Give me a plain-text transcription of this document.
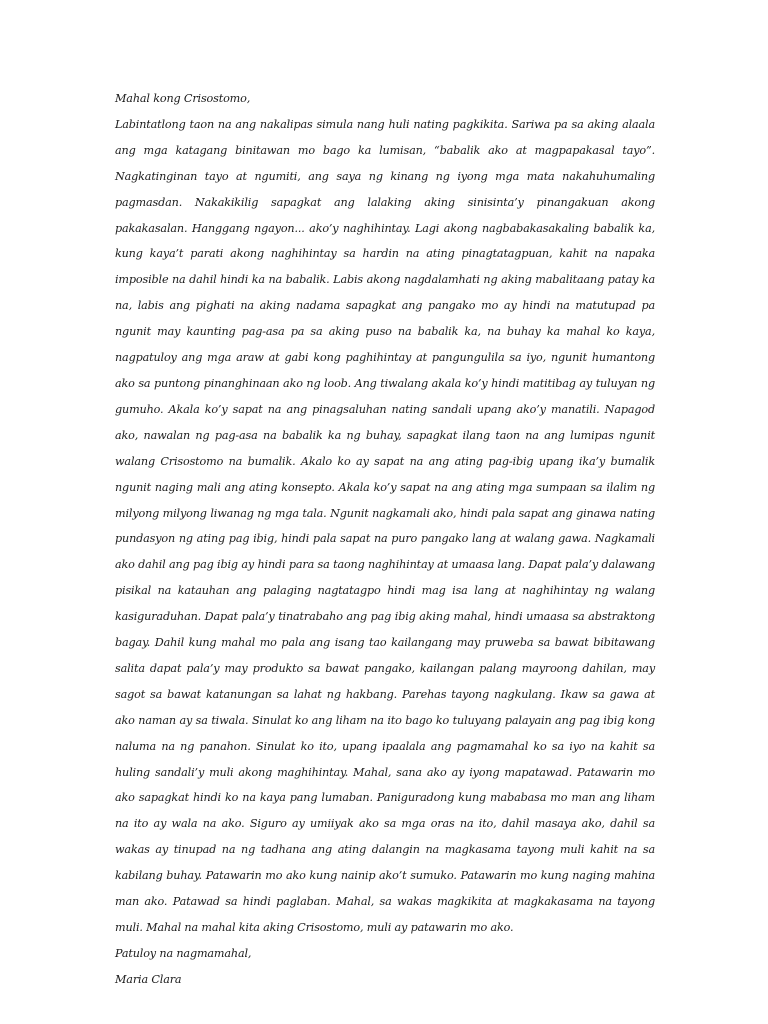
Mahal kong Crisostomo,

Labintatlong taon na ang nakalipas simula nang huli nating pagkikita. Sariwa pa sa aking alaala ang mga katagang binitawan mo bago ka lumisan, “babalik ako at magpapakasal tayo”. Nagkatinginan tayo at ngumiti, ang saya ng kinang ng iyong mga mata nakahuhumaling pagmasdan. Nakakikilig sapagkat ang lalaking aking sinisinta’y pinangakuan akong pakakasalan. Hanggang ngayon... ako’y naghihintay. Lagi akong nagbabakasakaling babalik ka, kung kaya’t parati akong naghihintay sa hardin na ating pinagtatagpuan, kahit na napaka imposible na dahil hindi ka na babalik. Labis akong nagdalamhati ng aking mabalitaang patay ka na, labis ang pighati na aking nadama sapagkat ang pangako mo ay hindi na matutupad pa ngunit may kaunting pag-asa pa sa aking puso na babalik ka, na buhay ka mahal ko kaya, nagpatuloy ang mga araw at gabi kong paghihintay at pangungulila sa iyo, ngunit humantong ako sa puntong pinanghinaan ako ng loob. Ang tiwalang akala ko’y hindi matitibag ay tuluyan ng gumuho. Akala ko’y sapat na ang pinagsaluhan nating sandali upang ako’y manatili. Napagod ako, nawalan ng pag-asa na babalik ka ng buhay, sapagkat ilang taon na ang lumipas ngunit walang Crisostomo na bumalik. Akalo ko ay sapat na ang ating pag-ibig upang ika’y bumalik ngunit naging mali ang ating konsepto. Akala ko’y sapat na ang ating mga sumpaan sa ilalim ng milyong milyong liwanag ng mga tala. Ngunit nagkamali ako, hindi pala sapat ang ginawa nating pundasyon ng ating pag ibig, hindi pala sapat na puro pangako lang at walang gawa. Nagkamali ako dahil ang pag ibig ay hindi para sa taong naghihintay at umaasa lang. Dapat pala’y dalawang pisikal na katauhan ang palaging nagtatagpo hindi mag isa lang at naghihintay ng walang kasiguraduhan. Dapat pala’y tinatrabaho ang pag ibig aking mahal, hindi umaasa sa abstraktong bagay. Dahil kung mahal mo pala ang isang tao kailangang may pruweba sa bawat bibitawang salita dapat pala’y may produkto sa bawat pangako, kailangan palang mayroong dahilan, may sagot sa bawat katanungan sa lahat ng hakbang. Parehas tayong nagkulang. Ikaw sa gawa at ako naman ay sa tiwala. Sinulat ko ang liham na ito bago ko tuluyang palayain ang pag ibig kong naluma na ng panahon. Sinulat ko ito, upang ipaalala ang pagmamahal ko sa iyo na kahit sa huling sandali’y muli akong maghihintay. Mahal, sana ako ay iyong mapatawad. Patawarin mo ako sapagkat hindi ko na kaya pang lumaban. Paniguradong kung mababasa mo man ang liham na ito ay wala na ako. Siguro ay umiiyak ako sa mga oras na ito, dahil masaya ako, dahil sa wakas ay tinupad na ng tadhana ang ating dalangin na magkasama tayong muli kahit na sa kabilang buhay. Patawarin mo ako kung nainip ako’t sumuko. Patawarin mo kung naging mahina man ako. Patawad sa hindi paglaban. Mahal, sa wakas magkikita at magkakasama na tayong muli. Mahal na mahal kita aking Crisostomo, muli ay patawarin mo ako.

Patuloy na nagmamahal,

Maria Clara
